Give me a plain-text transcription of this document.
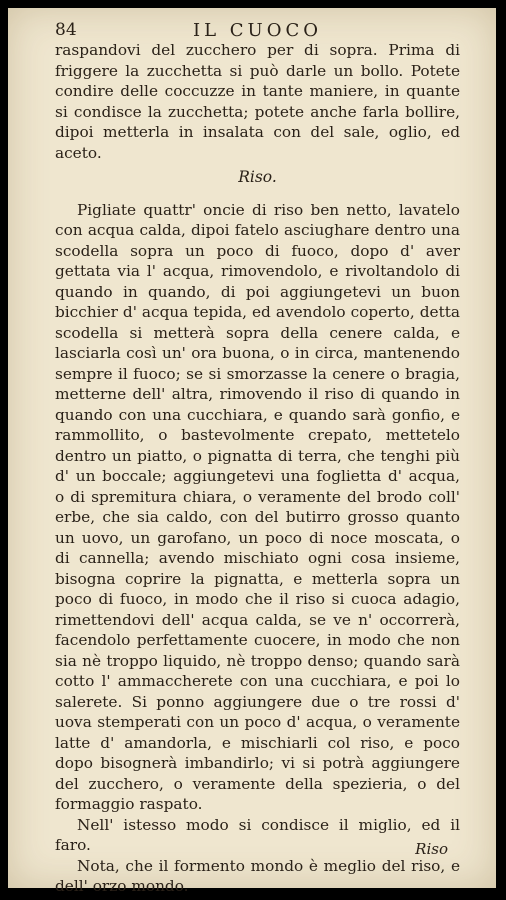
84	IL CUOCO

raspandovi del zucchero per di sopra. Prima di friggere la zucchetta si può darle un bollo. Potete condire delle coccuzze in tante maniere, in quante si condisce la zucchetta; potete anche farla bollire, dipoi metterla in insalata con del sale, oglio, ed aceto.

Riso.

Pigliate quattr' oncie di riso ben netto, lavatelo con acqua calda, dipoi fatelo asciughare dentro una scodella sopra un poco di fuoco, dopo d' aver gettata via l' acqua, rimovendolo, e rivoltandolo di quando in quando, di poi aggiungetevi un buon bicchier d' acqua tepida, ed avendolo coperto, detta scodella si metterà sopra della cenere calda, e lasciarla così un' ora buona, o in circa, mantenendo sempre il fuoco; se si smorzasse la cenere o bragia, metterne dell' altra, rimovendo il riso di quando in quando con una cucchiara, e quando sarà gonfio, e rammollito, o bastevolmente crepato, mettetelo dentro un piatto, o pignatta di terra, che tenghi più d' un boccale; aggiungetevi una foglietta d' acqua, o di spremitura chiara, o veramente del brodo coll' erbe, che sia caldo, con del butirro grosso quanto un uovo, un garofano, un poco di noce moscata, o di cannella; avendo mischiato ogni cosa insieme, bisogna coprire la pignatta, e metterla sopra un poco di fuoco, in modo che il riso si cuoca adagio, rimettendovi dell' acqua calda, se ve n' occorrerà, facendolo perfettamente cuocere, in modo che non sia nè troppo liquido, nè troppo denso; quando sarà cotto l' ammaccherete con una cucchiara, e poi lo salerete. Si ponno aggiungere due o tre rossi d' uova stemperati con un poco d' acqua, o veramente latte d' amandorla, e mischiarli col riso, e poco dopo bisognerà imbandirlo; vi si potrà aggiungere del zucchero, o veramente della spezieria, o del formaggio raspato.

Nell' istesso modo si condisce il miglio, ed il faro.

Nota, che il formento mondo è meglio del riso, e dell' orzo mondo.

Riso
